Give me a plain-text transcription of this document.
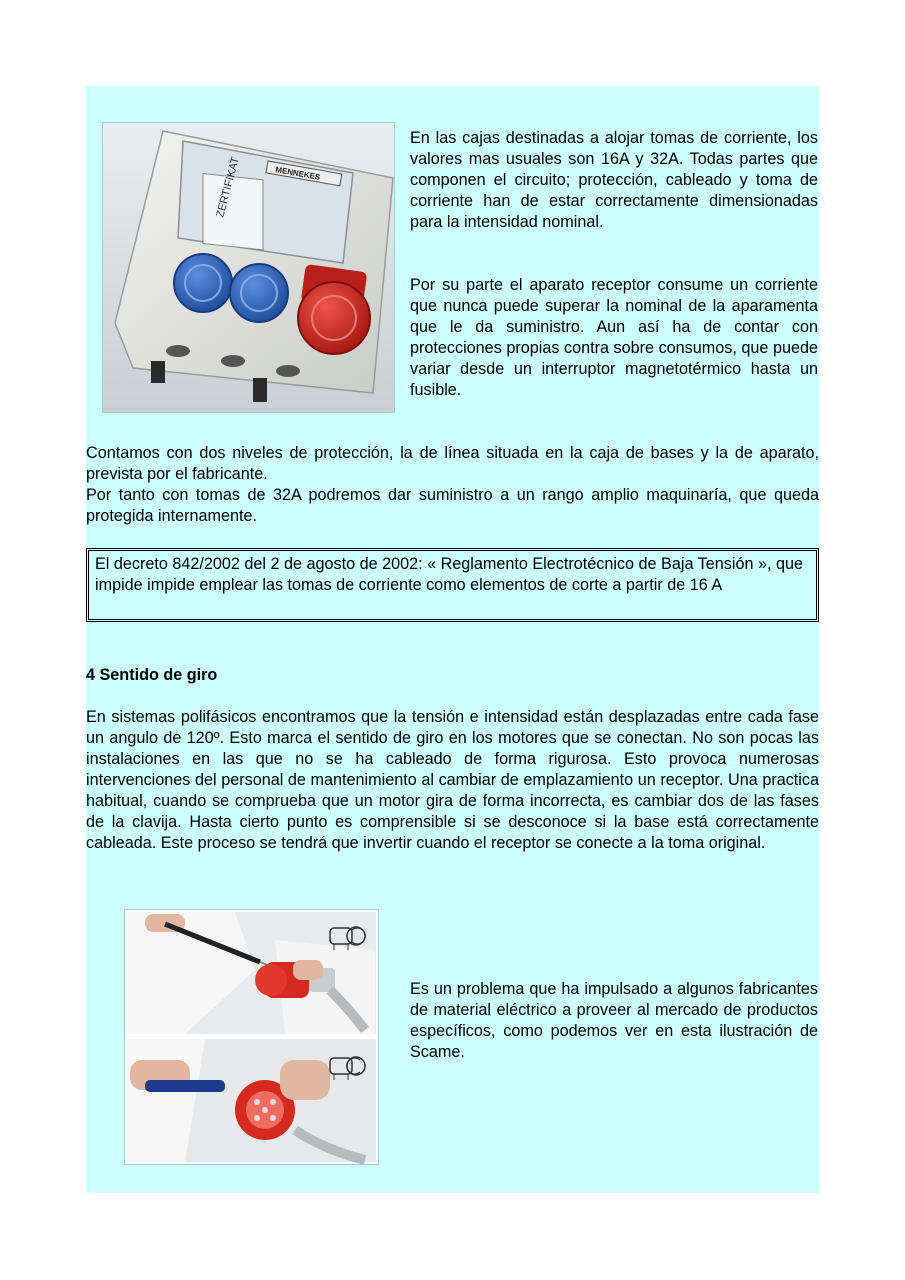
ZERTIFIKAT	MENNEKES
En las cajas destinadas a alojar tomas de corriente, los valores mas usuales son 16A y 32A. Todas partes que componen el circuito; protección, cableado y toma de corriente han de estar correctamente dimensionadas para la intensidad nominal.
Por su parte el aparato receptor consume un corriente que nunca puede superar la nominal de la aparamenta que le da suministro. Aun así ha de contar con protecciones propias contra sobre consumos, que puede variar desde un interruptor magnetotérmico hasta un fusible.
Contamos con dos niveles de protección, la de línea situada en la caja de bases y la de aparato, prevista por el fabricante.
Por tanto con tomas de 32A podremos dar suministro a un rango amplio maquinaría, que queda protegida internamente.
El decreto 842/2002 del 2 de agosto de 2002: « Reglamento Electrotécnico de Baja Tensión », que impide impide emplear las tomas de corriente como elementos de corte a partir de 16 A
4 Sentido de giro
En sistemas polifásicos encontramos que la tensión e intensidad están desplazadas entre cada fase un angulo de 120º. Esto marca el sentido de giro en los motores que se conectan. No son pocas las instalaciones en las que no se ha cableado de forma rigurosa. Esto provoca numerosas intervenciones del personal de mantenimiento al cambiar de emplazamiento un receptor. Una practica habitual, cuando se comprueba que un motor gira de forma incorrecta, es cambiar dos de las fases de la clavija. Hasta cierto punto es comprensible si se desconoce si la base está correctamente cableada. Este proceso se tendrá que invertir cuando el receptor se conecte a la toma original.
Es un problema que ha impulsado a algunos fabricantes de material eléctrico a proveer al mercado de productos específicos, como podemos ver en esta ilustración de Scame.
